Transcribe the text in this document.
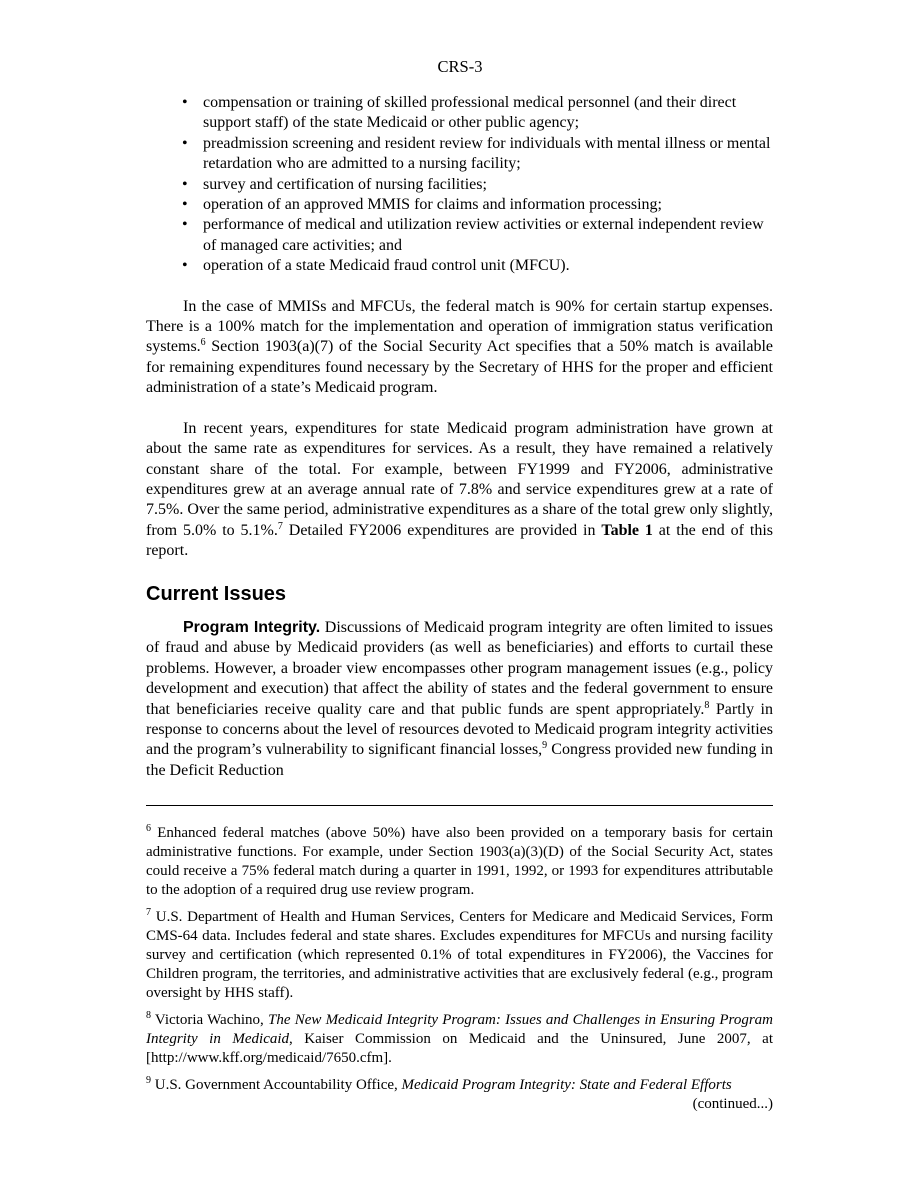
CRS-3
• compensation or training of skilled professional medical personnel (and their direct support staff) of the state Medicaid or other public agency;
• preadmission screening and resident review for individuals with mental illness or mental retardation who are admitted to a nursing facility;
• survey and certification of nursing facilities;
• operation of an approved MMIS for claims and information processing;
• performance of medical and utilization review activities or external independent review of managed care activities; and
• operation of a state Medicaid fraud control unit (MFCU).

In the case of MMISs and MFCUs, the federal match is 90% for certain startup expenses. There is a 100% match for the implementation and operation of immigration status verification systems.$^6$ Section 1903(a)(7) of the Social Security Act specifies that a 50% match is available for remaining expenditures found necessary by the Secretary of HHS for the proper and efficient administration of a state’s Medicaid program.

In recent years, expenditures for state Medicaid program administration have grown at about the same rate as expenditures for services. As a result, they have remained a relatively constant share of the total. For example, between FY1999 and FY2006, administrative expenditures grew at an average annual rate of 7.8% and service expenditures grew at a rate of 7.5%. Over the same period, administrative expenditures as a share of the total grew only slightly, from 5.0% to 5.1%.$^7$ Detailed FY2006 expenditures are provided in Table 1 at the end of this report.

Current Issues

Program Integrity. Discussions of Medicaid program integrity are often limited to issues of fraud and abuse by Medicaid providers (as well as beneficiaries) and efforts to curtail these problems. However, a broader view encompasses other program management issues (e.g., policy development and execution) that affect the ability of states and the federal government to ensure that beneficiaries receive quality care and that public funds are spent appropriately.$^8$ Partly in response to concerns about the level of resources devoted to Medicaid program integrity activities and the program’s vulnerability to significant financial losses,$^9$ Congress provided new funding in the Deficit Reduction

$^6$ Enhanced federal matches (above 50%) have also been provided on a temporary basis for certain administrative functions. For example, under Section 1903(a)(3)(D) of the Social Security Act, states could receive a 75% federal match during a quarter in 1991, 1992, or 1993 for expenditures attributable to the adoption of a required drug use review program.

$^7$ U.S. Department of Health and Human Services, Centers for Medicare and Medicaid Services, Form CMS-64 data. Includes federal and state shares. Excludes expenditures for MFCUs and nursing facility survey and certification (which represented 0.1% of total expenditures in FY2006), the Vaccines for Children program, the territories, and administrative activities that are exclusively federal (e.g., program oversight by HHS staff).

$^8$ Victoria Wachino, The New Medicaid Integrity Program: Issues and Challenges in Ensuring Program Integrity in Medicaid, Kaiser Commission on Medicaid and the Uninsured, June 2007, at [http://www.kff.org/medicaid/7650.cfm].

$^9$ U.S. Government Accountability Office, Medicaid Program Integrity: State and Federal Efforts

(continued...)
